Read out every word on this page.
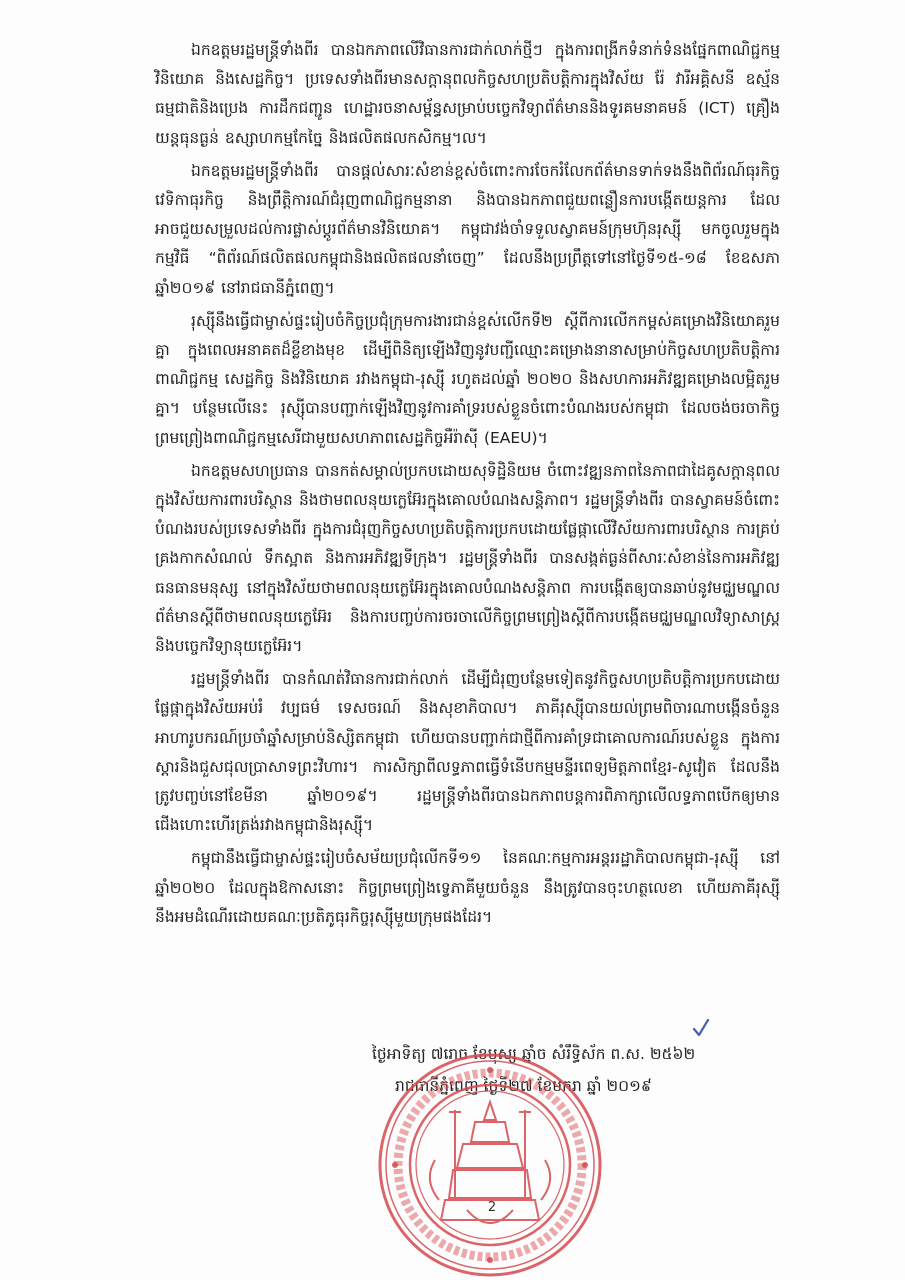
ឯកឧត្តមរដ្ឋមន្ត្រីទាំងពីរ បានឯកភាពលើវិធានការជាក់លាក់ថ្មីៗ ក្នុងការពង្រីកទំនាក់ទំនងផ្នែកពាណិជ្ជកម្ម វិនិយោគ និងសេដ្ឋកិច្ច។ ប្រទេសទាំងពីរមានសក្តានុពលកិច្ចសហប្រតិបត្តិការក្នុងវិស័យ រ៉ែ វារីអគ្គិសនី ឧស្ម័នធម្មជាតិនិងប្រេង ការដឹកជញ្ជូន ហេដ្ឋារចនាសម្ព័ន្ធសម្រាប់បច្ចេកវិទ្យាព័ត៌មាននិងទូរគមនាគមន៍ (ICT) គ្រឿងយន្តធុនធ្ងន់ ឧស្សាហកម្មកែច្នៃ និងផលិតផលកសិកម្ម។ល។

ឯកឧត្តមរដ្ឋមន្ត្រីទាំងពីរ បានផ្តល់សារៈសំខាន់ខ្ពស់ចំពោះការចែករំលែកព័ត៌មានទាក់ទងនឹងពិព័រណ៍ធុរកិច្ច វេទិកាធុរកិច្ច និងព្រឹត្តិការណ៍ជំរុញពាណិជ្ជកម្មនានា និងបានឯកភាពជួយពន្លឿនការបង្កើតយន្តការ ដែលអាចជួយសម្រួលដល់ការផ្លាស់ប្តូរព័ត៌មានវិនិយោគ។ កម្ពុជាវង់ចាំទទួលស្វាគមន៍ក្រុមហ៊ុនរុស្ស៊ី មកចូលរួមក្នុងកម្មវិធី “ពិព័រណ៍ផលិតផលកម្ពុជានិងផលិតផលនាំចេញ” ដែលនឹងប្រព្រឹត្តទៅនៅថ្ងៃទី១៥-១៨ ខែឧសភា ឆ្នាំ២០១៩ នៅរាជធានីភ្នំពេញ។

រុស្ស៊ីនឹងធ្វើជាម្ចាស់ផ្ទះរៀបចំកិច្ចប្រជុំក្រុមការងារជាន់ខ្ពស់លើកទី២ ស្តីពីការលើកកម្ពស់គម្រោងវិនិយោគរួមគ្នា ក្នុងពេលអនាគតដ៏ខ្លីខាងមុខ ដើម្បីពិនិត្យឡើងវិញនូវបញ្ជីឈ្មោះគម្រោងនានាសម្រាប់កិច្ចសហប្រតិបត្តិការពាណិជ្ជកម្ម សេដ្ឋកិច្ច និងវិនិយោគ រវាងកម្ពុជា-រុស្ស៊ី រហូតដល់ឆ្នាំ ២០២០ និងសហការអភិវឌ្ឍគម្រោងលម្អិតរួមគ្នា។ បន្ថែមលើនេះ រុស្ស៊ីបានបញ្ជាក់ឡើងវិញនូវការគាំទ្ររបស់ខ្លួនចំពោះបំណងរបស់កម្ពុជា ដែលចង់ចរចាកិច្ចព្រមព្រៀងពាណិជ្ជកម្មសេរីជាមួយសហភាពសេដ្ឋកិច្ចអឺរ៉ាស៊ី (EAEU)។

ឯកឧត្តមសហប្រធាន បានកត់សម្គាល់ប្រកបដោយសុទិដ្ឋិនិយម ចំពោះវឌ្ឍនភាពនៃភាពជាដៃគូសក្តានុពលក្នុងវិស័យការពារបរិស្ថាន និងថាមពលនុយក្លេអ៊ែរក្នុងគោលបំណងសន្តិភាព។ រដ្ឋមន្ត្រីទាំងពីរ បានស្វាគមន៍ចំពោះបំណងរបស់ប្រទេសទាំងពីរ ក្នុងការជំរុញកិច្ចសហប្រតិបត្តិការប្រកបដោយផ្លែផ្កាលើវិស័យការពារបរិស្ថាន ការគ្រប់គ្រងកាកសំណល់ ទឹកស្អាត និងការអភិវឌ្ឍទីក្រុង។ រដ្ឋមន្ត្រីទាំងពីរ បានសង្កត់ធ្ងន់ពីសារៈសំខាន់នៃការអភិវឌ្ឍធនធានមនុស្ស នៅក្នុងវិស័យថាមពលនុយក្លេអ៊ែរក្នុងគោលបំណងសន្តិភាព ការបង្កើតឲ្យបានឆាប់នូវមជ្ឈមណ្ឌលព័ត៌មានស្តីពីថាមពលនុយក្លេអ៊ែរ និងការបញ្ចប់ការចរចាលើកិច្ចព្រមព្រៀងស្តីពីការបង្កើតមជ្ឈមណ្ឌលវិទ្យាសាស្ត្រនិងបច្ចេកវិទ្យានុយក្លេអ៊ែរ។

រដ្ឋមន្ត្រីទាំងពីរ បានកំណត់វិធានការជាក់លាក់ ដើម្បីជំរុញបន្ថែមទៀតនូវកិច្ចសហប្រតិបត្តិការប្រកបដោយផ្លែផ្កាក្នុងវិស័យអប់រំ វប្បធម៌ ទេសចរណ៍ និងសុខាភិបាល។ ភាគីរុស្ស៊ីបានយល់ព្រមពិចារណាបង្កើនចំនួនអាហារូបករណ៍ប្រចាំឆ្នាំសម្រាប់និស្សិតកម្ពុជា ហើយបានបញ្ជាក់ជាថ្មីពីការគាំទ្រជាគោលការណ៍របស់ខ្លួន ក្នុងការស្តារនិងជួសជុលប្រាសាទព្រះវិហារ។ ការសិក្សាពីលទ្ធភាពធ្វើទំនើបកម្មមន្ទីរពេទ្យមិត្តភាពខ្មែរ-សូវៀត ដែលនឹងត្រូវបញ្ចប់នៅខែមីនា ឆ្នាំ២០១៩។ រដ្ឋមន្ត្រីទាំងពីរបានឯកភាពបន្តការពិភាក្សាលើលទ្ធភាពបើកឲ្យមានជើងហោះហើរត្រង់រវាងកម្ពុជានិងរុស្ស៊ី។

កម្ពុជានឹងធ្វើជាម្ចាស់ផ្ទះរៀបចំសម័យប្រជុំលើកទី១១ នៃគណៈកម្មការអន្តររដ្ឋាភិបាលកម្ពុជា-រុស្ស៊ី នៅឆ្នាំ២០២០ ដែលក្នុងឱកាសនោះ កិច្ចព្រមព្រៀងទ្វេភាគីមួយចំនួន នឹងត្រូវបានចុះហត្ថលេខា ហើយភាគីរុស្ស៊ីនឹងអមដំណើរដោយគណៈប្រតិភូធុរកិច្ចរុស្ស៊ីមួយក្រុមផងដែរ។

ថ្ងៃអាទិត្យ ៧រោច ខែបុស្ស ឆ្នាំច សំរឹទ្ធិស័ក ព.ស. ២៥៦២
រាជធានីភ្នំពេញ ថ្ងៃទី២៧ ខែមករា ឆ្នាំ ២០១៩
2
